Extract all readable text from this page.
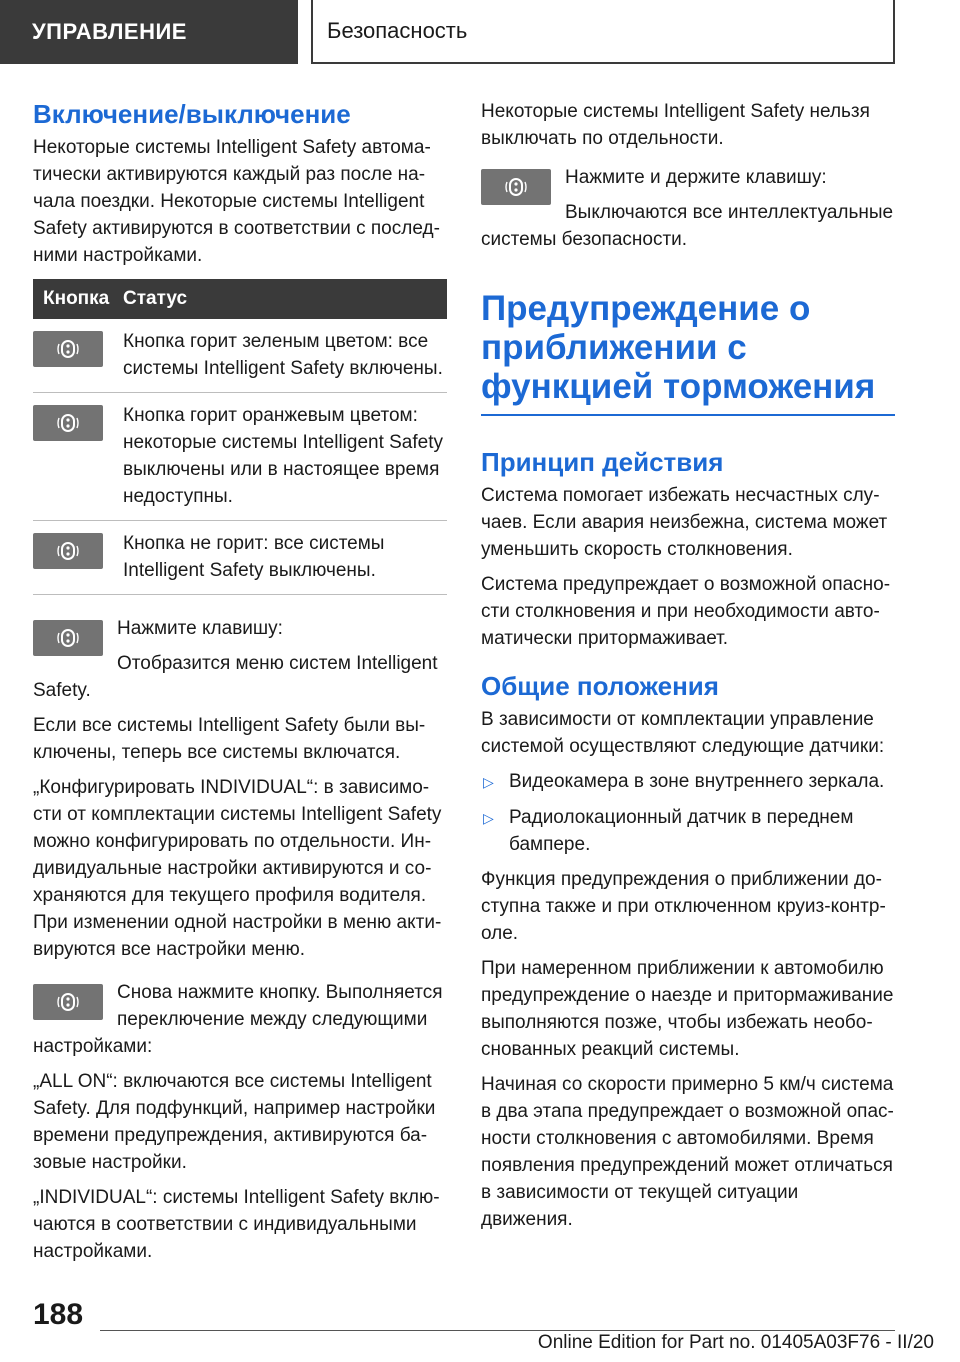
УПРАВЛЕНИЕ	Безопасность
Включение/выключение
Некоторые системы Intelligent Safety автоматически активируются каждый раз после начала поездки. Некоторые системы Intelligent Safety активируются в соответствии с последними настройками.
Кнопка Статус
Кнопка горит зеленым цветом: все системы Intelligent Safety включены.
Кнопка горит оранжевым цветом: некоторые системы Intelligent Safety выключены или в настоящее время недоступны.
Кнопка не горит: все системы Intelligent Safety выключены.
Нажмите клавишу:
Отобразится меню систем Intelligent Safety.
Если все системы Intelligent Safety были выключены, теперь все системы включатся.
„Конфигурировать INDIVIDUAL“: в зависимости от комплектации системы Intelligent Safety можно конфигурировать по отдельности. Индивидуальные настройки активируются и сохраняются для текущего профиля водителя. При изменении одной настройки в меню активируются все настройки меню.
Снова нажмите кнопку. Выполняется переключение между следующими настройками:
„ALL ON“: включаются все системы Intelligent Safety. Для подфункций, например настройки времени предупреждения, активируются базовые настройки.
„INDIVIDUAL“: системы Intelligent Safety включаются в соответствии с индивидуальными настройками.
Некоторые системы Intelligent Safety нельзя выключать по отдельности.
Нажмите и держите клавишу:
Выключаются все интеллектуальные системы безопасности.
Предупреждение о приближении с функцией торможения
Принцип действия
Система помогает избежать несчастных случаев. Если авария неизбежна, система может уменьшить скорость столкновения.
Система предупреждает о возможной опасности столкновения и при необходимости автоматически притормаживает.
Общие положения
В зависимости от комплектации управление системой осуществляют следующие датчики:
▷ Видеокамера в зоне внутреннего зеркала.
▷ Радиолокационный датчик в переднем бампере.
Функция предупреждения о приближении доступна также и при отключенном круиз-контроле.
При намеренном приближении к автомобилю предупреждение о наезде и притормаживание выполняются позже, чтобы избежать необоснованных реакций системы.
Начиная со скорости примерно 5 км/ч система в два этапа предупреждает о возможной опасности столкновения с автомобилями. Время появления предупреждений может отличаться в зависимости от текущей ситуации движения.
188
Online Edition for Part no. 01405A03F76 - II/20
